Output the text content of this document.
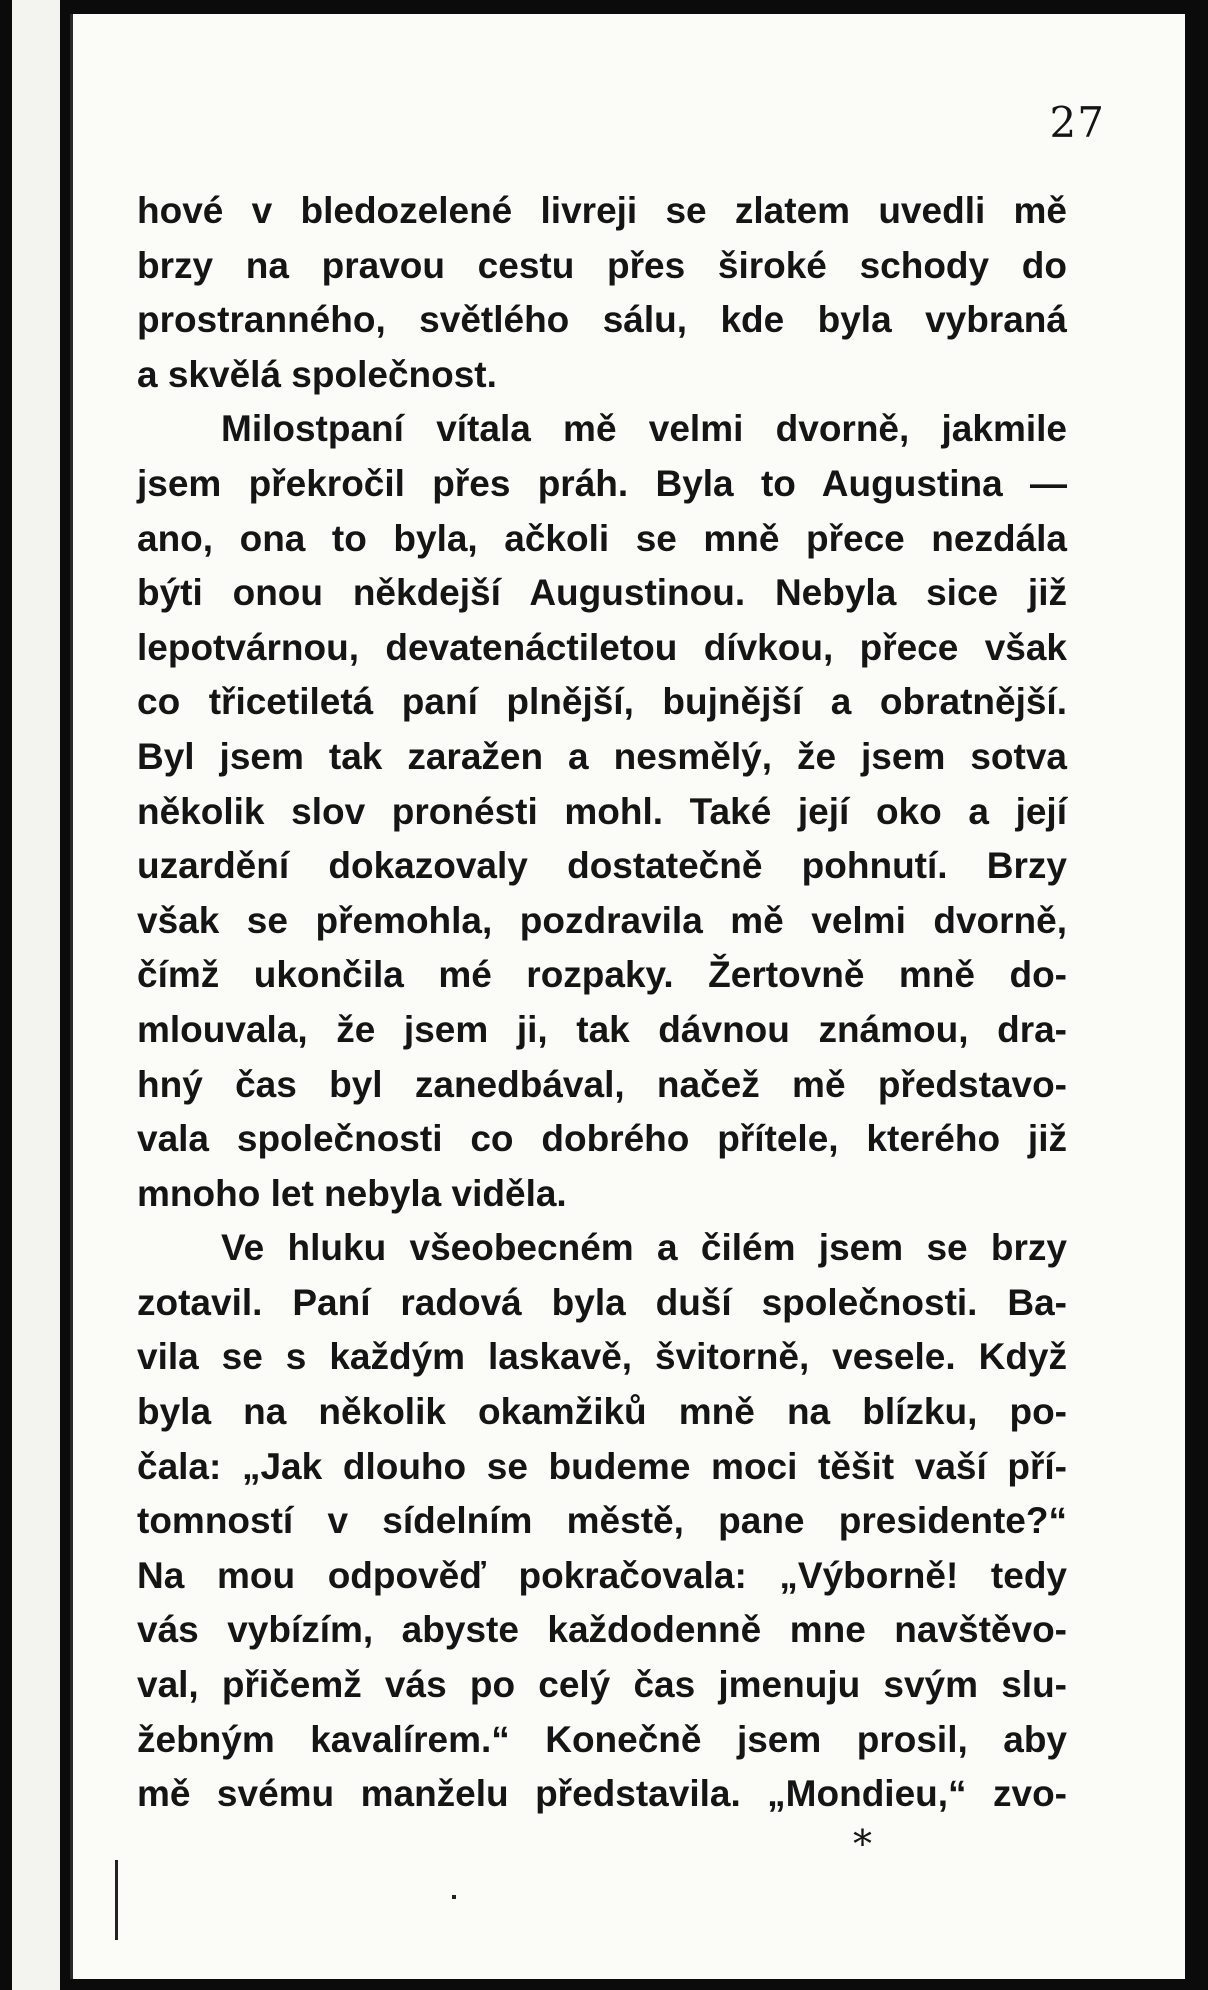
27
hové v bledozelené livreji se zlatem uvedli mě
brzy na pravou cestu přes široké schody do
prostranného, světlého sálu, kde byla vybraná
a skvělá společnost.
Milostpaní vítala mě velmi dvorně, jakmile
jsem překročil přes práh. Byla to Augustina —
ano, ona to byla, ačkoli se mně přece nezdála
býti onou někdejší Augustinou. Nebyla sice již
lepotvárnou, devatenáctiletou dívkou, přece však
co třicetiletá paní plnější, bujnější a obratnější.
Byl jsem tak zaražen a nesmělý, že jsem sotva
několik slov pronésti mohl. Také její oko a její
uzardění dokazovaly dostatečně pohnutí. Brzy
však se přemohla, pozdravila mě velmi dvorně,
čímž ukončila mé rozpaky. Žertovně mně do-
mlouvala, že jsem ji, tak dávnou známou, dra-
hný čas byl zanedbával, načež mě představo-
vala společnosti co dobrého přítele, kterého již
mnoho let nebyla viděla.
Ve hluku všeobecném a čilém jsem se brzy
zotavil. Paní radová byla duší společnosti. Ba-
vila se s každým laskavě, švitorně, vesele. Když
byla na několik okamžiků mně na blízku, po-
čala: „Jak dlouho se budeme moci těšit vaší pří-
tomností v sídelním městě, pane presidente?“
Na mou odpověď pokračovala: „Výborně! tedy
vás vybízím, abyste každodenně mne navštěvo-
val, přičemž vás po celý čas jmenuju svým slu-
žebným kavalírem.“ Konečně jsem prosil, aby
mě svému manželu představila. „Mondieu,“ zvo-
*
